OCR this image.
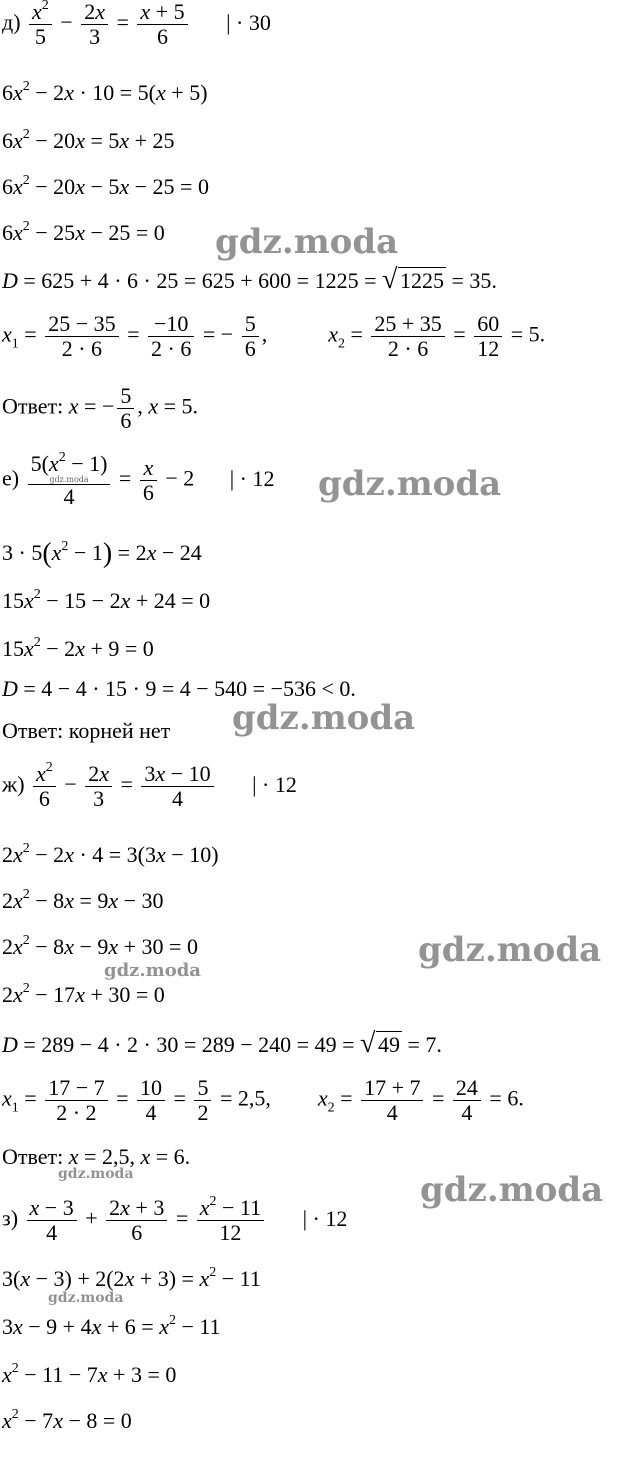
$д) \frac{x^2}{5} - \frac{2x}{3} = \frac{x + 5}{6}$ | · 30
$6x^2 - 2x \cdot 10 = 5(x + 5)$
$6x^2 - 20x = 5x + 25$
$6x^2 - 20x - 5x - 25 = 0$
$6x^2 - 25x - 25 = 0$ gdz.moda
D = 625 + 4 · 6 · 25 = 625 + 600 = 1225 = √ 1225 = 35.
$x_1 = \frac{25 - 35}{2 \cdot 6} = \frac{-10}{2 \cdot 6}$ = − $\frac{5}{6}$ ,	$x_2 = \frac{25 + 35}{2 \cdot 6} = \frac{60}{12} = 5$.
Ответ: x = − $\frac{5}{6}$ , x = 5.
е) $5(x^2 - 1)$
gdz.moda
$4 = \frac{x}{6} - 2$ | · 12 gdz.moda
$3 \cdot 5(x^2 - 1) = 2x - 24$
$15x^2 - 15 - 2x + 24 = 0$
$15x^2 - 2x + 9 = 0$
D = 4 − 4 · 15 · 9 = 4 − 540 = −536 < 0.
Ответ: корней нет gdz.moda
$ж) \frac{x^2}{6} - \frac{2x}{3} = \frac{3x - 10}{4}$ | · 12
$2x^2 - 2x \cdot 4 = 3(3x - 10)$
$2x^2 - 8x = 9x - 30$
$2x^2 - 8x - 9x + 30 = 0$	gdz.moda
gdz.moda
$2x^2 - 17x + 30 = 0$
D = 289 − 4 · 2 · 30 = 289 − 240 = 49 = √ 49 = 7.
$x_1 = \frac{17 - 7}{2 \cdot 2} = \frac{10}{4} = \frac{5}{2} = 2,5$,  $x_2 = \frac{17 + 7}{4} = \frac{24}{4} = 6$.
Ответ: x = 2,5, x = 6.
gdz.moda	gdz.moda
$з) \frac{x - 3}{4} + \frac{2x + 3}{6} = \frac{x^2 - 11}{12}$ | · 12
$3(x - 3) + 2(2x + 3) = x^2 - 11$
gdz.moda
$3x - 9 + 4x + 6 = x^2 - 11$
$x^2 - 11 - 7x + 3 = 0$
$x^2 - 7x - 8 = 0$
